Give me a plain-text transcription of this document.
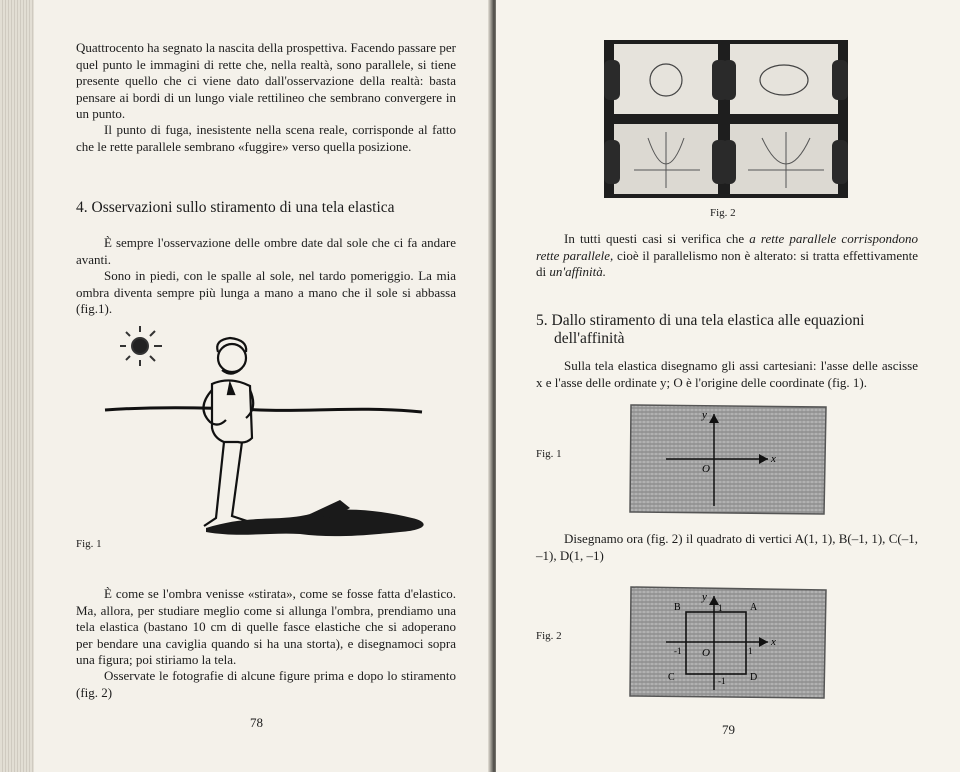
Quattrocento ha segnato la nascita della prospettiva. Facendo passare per quel punto le immagini di rette che, nella realtà, sono parallele, si tiene presente quello che ci viene dato dall'osservazione della realtà: basta pensare ai bordi di un lungo viale rettilineo che sembrano convergere in un punto.

Il punto di fuga, inesistente nella scena reale, corrisponde al fatto che le rette parallele sembrano «fuggire» verso quella posizione.

4. Osservazioni sullo stiramento di una tela elastica

È sempre l'osservazione delle ombre date dal sole che ci fa andare avanti.

Sono in piedi, con le spalle al sole, nel tardo pomeriggio. La mia ombra diventa sempre più lunga a mano a mano che il sole si abbassa (fig.1).

Fig. 1

È come se l'ombra venisse «stirata», come se fosse fatta d'elastico. Ma, allora, per studiare meglio come si allunga l'ombra, prendiamo una tela elastica (bastano 10 cm di quelle fasce elastiche che si adoperano per bendare una caviglia quando si ha una storta), e disegnamoci sopra una figura; poi stiriamo la tela.

Osservate le fotografie di alcune figure prima e dopo lo stiramento (fig. 2)

78
Fig. 2

In tutti questi casi si verifica che a rette parallele corrispondono rette parallele, cioè il parallelismo non è alterato: si tratta effettivamente di un'affinità.

5. Dallo stiramento di una tela elastica alle equazioni dell'affinità

Sulla tela elastica disegnamo gli assi cartesiani: l'asse delle ascisse x e l'asse delle ordinate y; O è l'origine delle coordinate (fig. 1).

Fig. 1	x
y
O

Disegnamo ora (fig. 2) il quadrato di vertici A(1, 1), B(–1, 1), C(–1, –1), D(1, –1)

Fig. 2	x
y
O
A
B
C	D
1
1
-1
-1
79
